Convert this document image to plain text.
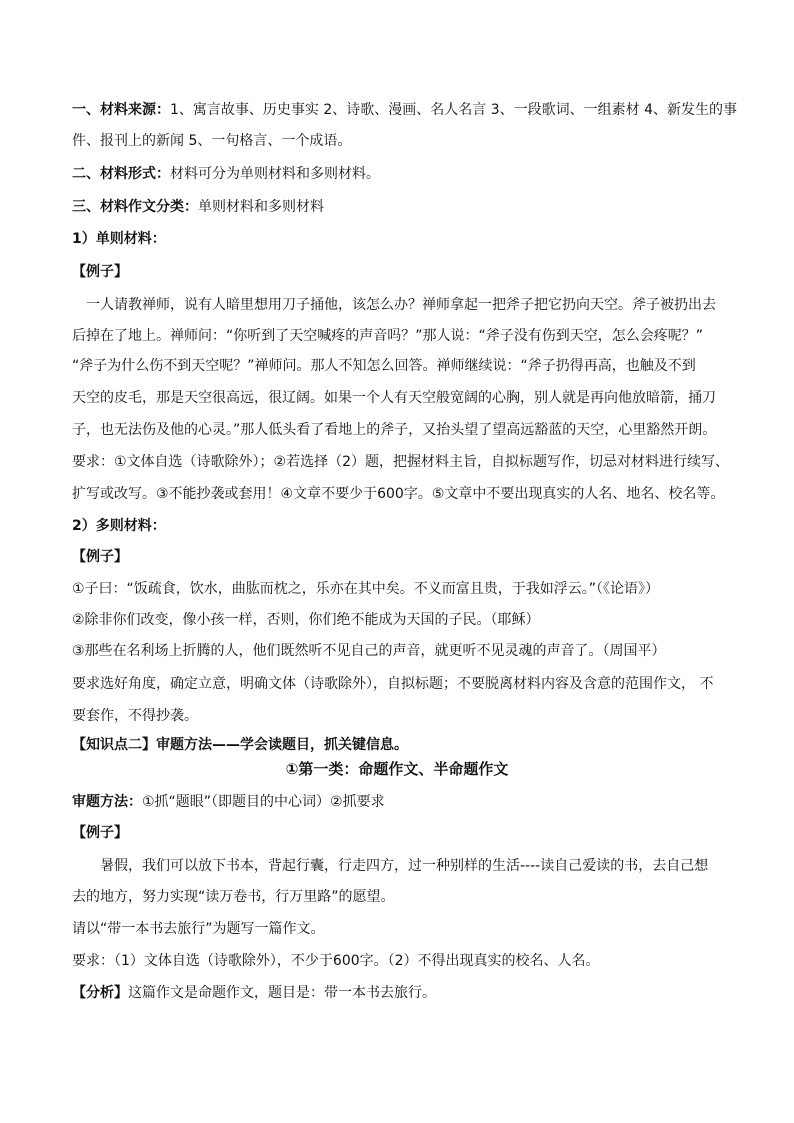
一、材料来源：1、寓言故事、历史事实 2、诗歌、漫画、名人名言 3、一段歌词、一组素材 4、新发生的事
件、报刊上的新闻 5、一句格言、一个成语。
二、材料形式：材料可分为单则材料和多则材料。
三、材料作文分类：单则材料和多则材料
1）单则材料：
【例子】
一人请教禅师，说有人暗里想用刀子捅他，该怎么办？禅师拿起一把斧子把它扔向天空。斧子被扔出去
后掉在了地上。禅师问：“你听到了天空喊疼的声音吗？”那人说：“斧子没有伤到天空，怎么会疼呢？”
“斧子为什么伤不到天空呢？”禅师问。那人不知怎么回答。禅师继续说：“斧子扔得再高，也触及不到
天空的皮毛，那是天空很高远，很辽阔。如果一个人有天空般宽阔的心胸，别人就是再向他放暗箭，捅刀
子，也无法伤及他的心灵。”那人低头看了看地上的斧子，又抬头望了望高远豁蓝的天空，心里豁然开朗。
要求：①文体自选（诗歌除外）；②若选择（2）题，把握材料主旨，自拟标题写作，切忌对材料进行续写、
扩写或改写。③不能抄袭或套用！④文章不要少于600字。⑤文章中不要出现真实的人名、地名、校名等。
2）多则材料：
【例子】
①子曰：“饭疏食，饮水，曲肱而枕之，乐亦在其中矣。不义而富且贵，于我如浮云。”（《论语》）
②除非你们改变，像小孩一样，否则，你们绝不能成为天国的子民。（耶稣）
③那些在名利场上折腾的人，他们既然听不见自己的声音，就更听不见灵魂的声音了。（周国平）
要求选好角度，确定立意，明确文体（诗歌除外），自拟标题；不要脱离材料内容及含意的范围作文， 不
要套作，不得抄袭。
【知识点二】审题方法——学会读题目，抓关键信息。
①第一类：命题作文、半命题作文
审题方法：①抓“题眼”（即题目的中心词）②抓要求
【例子】
暑假，我们可以放下书本，背起行囊，行走四方，过一种别样的生活----读自己爱读的书，去自己想
去的地方，努力实现“读万卷书，行万里路”的愿望。
请以“带一本书去旅行”为题写一篇作文。
要求：（1）文体自选（诗歌除外），不少于600字。（2）不得出现真实的校名、人名。
【分析】这篇作文是命题作文，题目是：带一本书去旅行。
